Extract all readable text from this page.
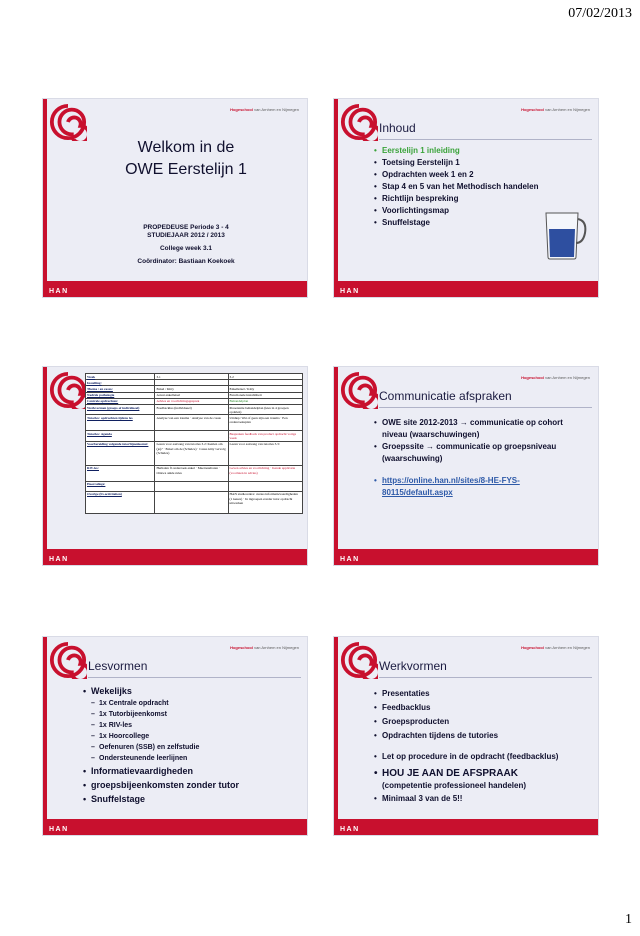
07/02/2013
Hogeschool van Arnhem en Nijmegen
Welkom in de
OWE Eerstelijn 1
PROPEDEUSE Periode 3 - 4
STUDIEJAAR 2012 / 2013
College week 3.1
Coördinator: Bastiaan Koekoek
HAN
Hogeschool van Arnhem en Nijmegen
Inhoud
• Eerstelijn 1 inleiding
• Toetsing Eerstelijn 1
• Opdrachten week 1 en 2
• Stap 4 en 5 van het Methodisch handelen
• Richtlijn bespreking
• Voorlichtingsmap
• Snuffelstage
HAN
Week	3.1	3.2
Instelling:		
Thema / en casus:	Enkel / Kitty	Enkelletsel / Kitty
Nadruk pathologie	Acuut enkelletsel	Functionele instabiliteit
Centrale opdrachten:	Advies en voorlichtingsgesprek	Behandelplan
Werkvormen (groeps of individueel)	Feedbacklus (individueel)	Presentatie behandelplan (kies in 4 groepen opdelen)
Tutorles: opdrachten tijdens les	Analyse van een trauma · Analyse van de casus	Uitdiep: Wat of geen zijn een trauma · Een onderzoeksplan
Tutorles: Agenda		Bespreken feedback van product opdracht vorige week
Voorbereiding volgende tutorbijeenkomst:	Lezen voor aanvang van tutorles 3.2: Kenlen om (je)? · Enkel om de (Schulze) · Casus kitty vervolg (Schulze)	Lezen voor aanvang van tutorles 3.3:
RIV-les:	Herhalen fl onderzoek enkel · Meetresultaten · Ottawa ankle rules	Geven advies en voorlichting · Kende applicatie (voorlaten in advies)
Hoorcollege:		
Overige (bv.activiteiten)		HAN studiecentra: cursus informatievaardigheden (1 keuze) · In ingroepen zonder tutor opdracht uitwerken
HAN
Hogeschool van Arnhem en Nijmegen
Communicatie afspraken
• OWE site 2012-2013 → communicatie op cohort niveau (waarschuwingen)
• Groepssite → communicatie op groepsniveau (waarschuwing)
• https://online.han.nl/sites/8-HE-FYS-80115/default.aspx
HAN
Hogeschool van Arnhem en Nijmegen
Lesvormen
• Wekelijks
– 1x Centrale opdracht
– 1x Tutorbijeenkomst
– 1x RIV-les
– 1x Hoorcollege
– Oefenuren (SSB) en zelfstudie
– Ondersteunende leerlijnen
• Informatievaardigheden
• groepsbijeenkomsten zonder tutor
• Snuffelstage
HAN
Hogeschool van Arnhem en Nijmegen
Werkvormen
• Presentaties
• Feedbacklus
• Groepsproducten
• Opdrachten tijdens de tutories
• Let op procedure in de opdracht (feedbacklus)
• HOU JE AAN DE AFSPRAAK
(competentie professioneel handelen)
• Minimaal 3 van de 5!!
HAN
1
